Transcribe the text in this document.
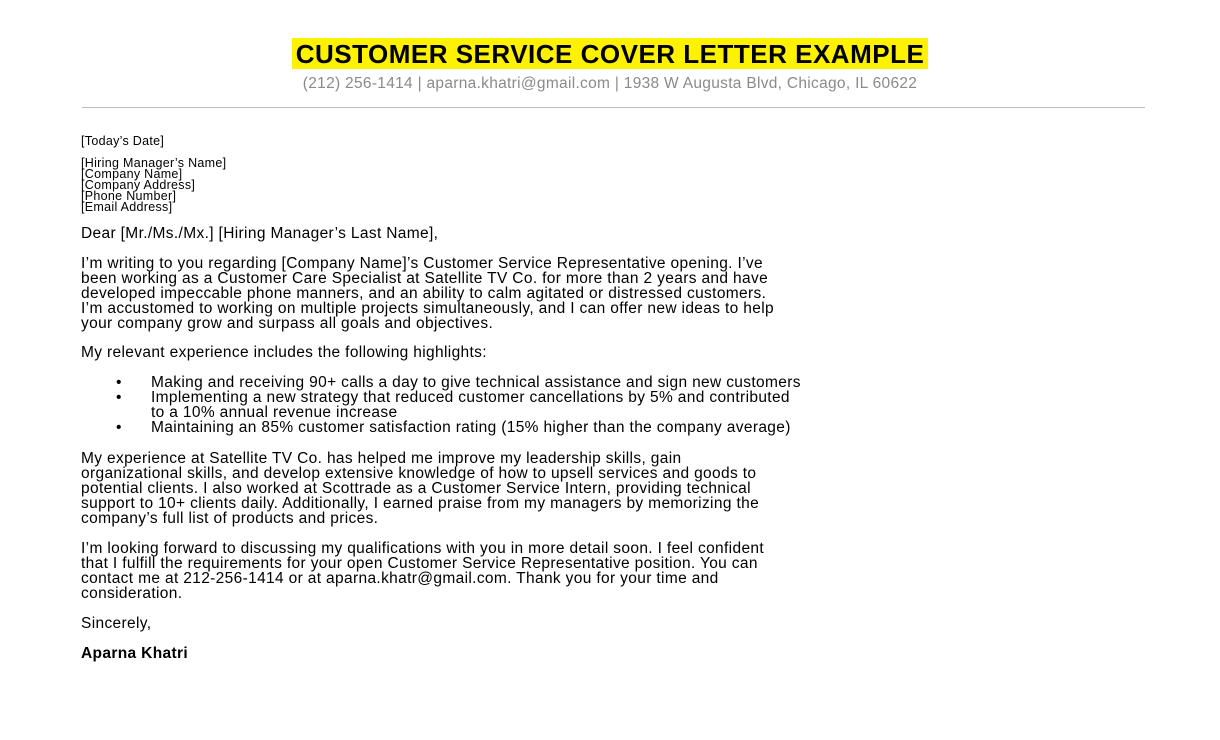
CUSTOMER SERVICE COVER LETTER EXAMPLE
(212) 256-1414 | aparna.khatri@gmail.com | 1938 W Augusta Blvd, Chicago, IL 60622
[Today’s Date]
[Hiring Manager’s Name]
[Company Name]
[Company Address]
[Phone Number]
[Email Address]
Dear [Mr./Ms./Mx.] [Hiring Manager’s Last Name],
I’m writing to you regarding [Company Name]’s Customer Service Representative opening. I’ve
been working as a Customer Care Specialist at Satellite TV Co. for more than 2 years and have
developed impeccable phone manners, and an ability to calm agitated or distressed customers.
I’m accustomed to working on multiple projects simultaneously, and I can offer new ideas to help
your company grow and surpass all goals and objectives.
My relevant experience includes the following highlights:
• Making and receiving 90+ calls a day to give technical assistance and sign new customers
• Implementing a new strategy that reduced customer cancellations by 5% and contributed
to a 10% annual revenue increase
• Maintaining an 85% customer satisfaction rating (15% higher than the company average)
My experience at Satellite TV Co. has helped me improve my leadership skills, gain
organizational skills, and develop extensive knowledge of how to upsell services and goods to
potential clients. I also worked at Scottrade as a Customer Service Intern, providing technical
support to 10+ clients daily. Additionally, I earned praise from my managers by memorizing the
company’s full list of products and prices.
I’m looking forward to discussing my qualifications with you in more detail soon. I feel confident
that I fulfill the requirements for your open Customer Service Representative position. You can
contact me at 212-256-1414 or at aparna.khatr@gmail.com. Thank you for your time and
consideration.
Sincerely,
Aparna Khatri
